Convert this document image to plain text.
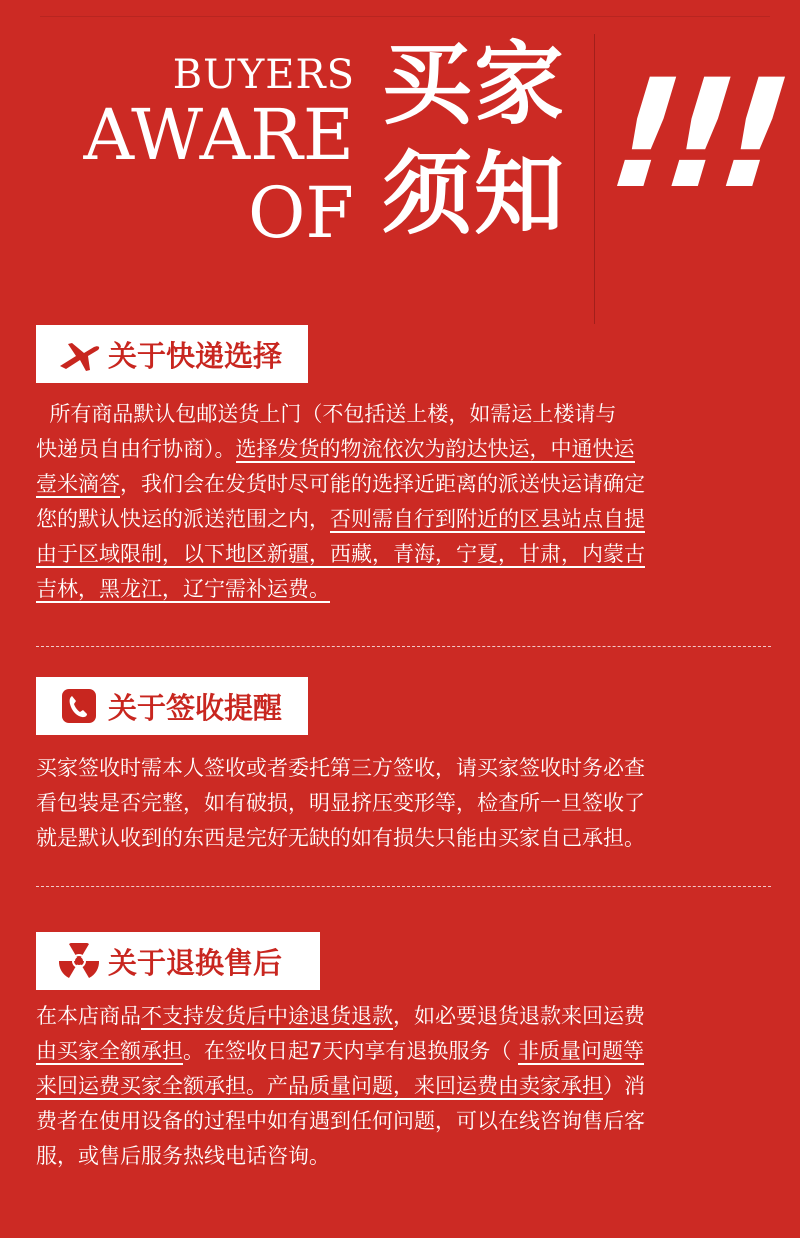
BUYERS
AWARE
OF
买家
须知 !!!
关于快递选择
所有商品默认包邮送货上门（不包括送上楼，如需运上楼请与
快递员自由行协商）。选择发货的物流依次为韵达快运，中通快运
壹米滴答，我们会在发货时尽可能的选择近距离的派送快运请确定
您的默认快运的派送范围之内，否则需自行到附近的区县站点自提
由于区域限制，以下地区新疆，西藏，青海，宁夏，甘肃，内蒙古
吉林，黑龙江，辽宁需补运费。
关于签收提醒
买家签收时需本人签收或者委托第三方签收，请买家签收时务必查
看包装是否完整，如有破损，明显挤压变形等，检查所一旦签收了
就是默认收到的东西是完好无缺的如有损失只能由买家自己承担。
关于退换售后
在本店商品不支持发货后中途退货退款，如必要退货退款来回运费
由买家全额承担。在签收日起7天内享有退换服务（ 非质量问题等
来回运费买家全额承担。产品质量问题，来回运费由卖家承担）消
费者在使用设备的过程中如有遇到任何问题，可以在线咨询售后客
服，或售后服务热线电话咨询。
